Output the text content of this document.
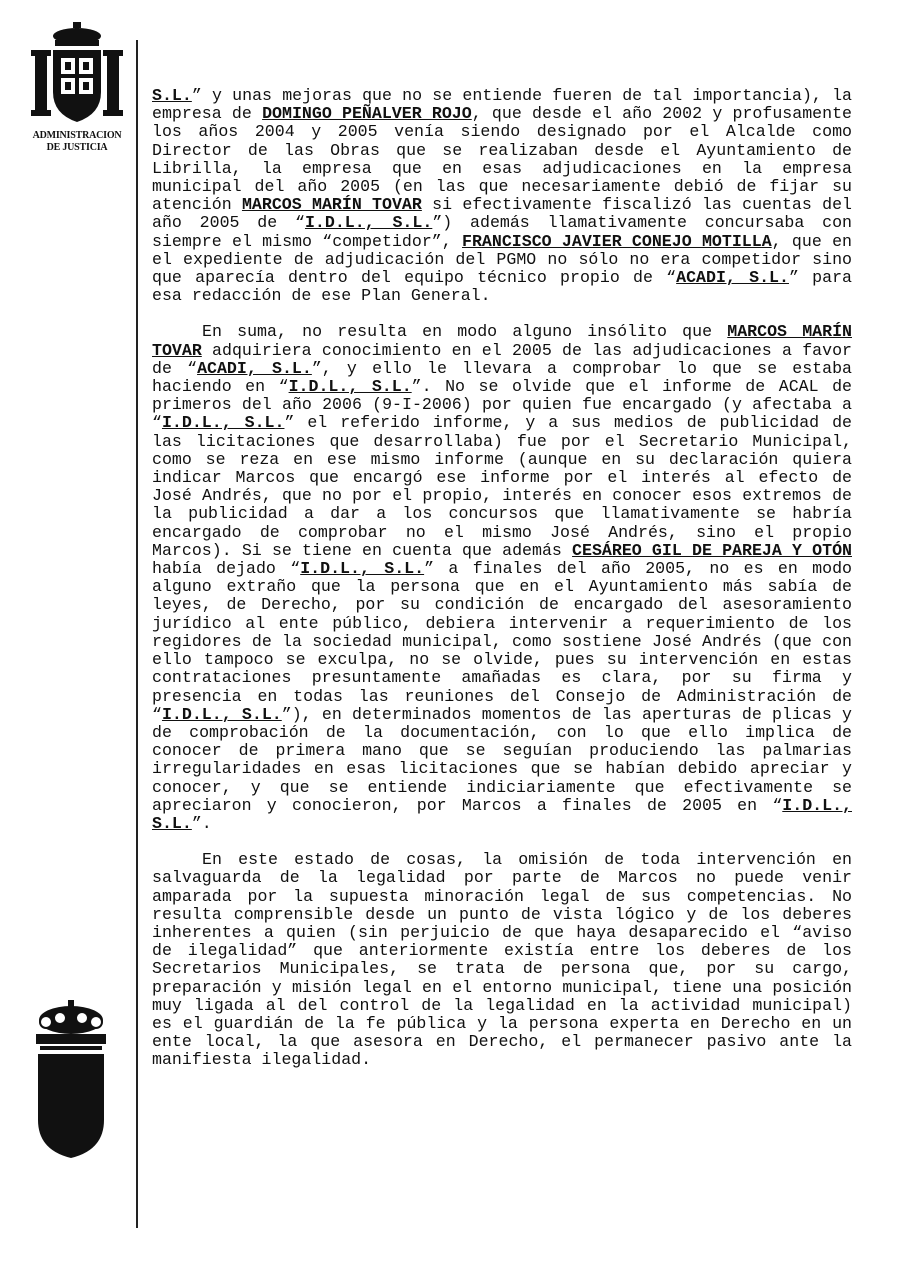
ADMINISTRACION
DE JUSTICIA

S.L.” y unas mejoras que no se entiende fueren de tal importancia), la empresa de DOMINGO PEÑALVER ROJO, que desde el año 2002 y profusamente los años 2004 y 2005 venía siendo designado por el Alcalde como Director de las Obras que se realizaban desde el Ayuntamiento de Librilla, la empresa que en esas adjudicaciones en la empresa municipal del año 2005 (en las que necesariamente debió de fijar su atención MARCOS MARÍN TOVAR si efectivamente fiscalizó las cuentas del año 2005 de “I.D.L., S.L.”) además llamativamente concursaba con siempre el mismo “competidor”, FRANCISCO JAVIER CONEJO MOTILLA, que en el expediente de adjudicación del PGMO no sólo no era competidor sino que aparecía dentro del equipo técnico propio de “ACADI, S.L.” para esa redacción de ese Plan General.

En suma, no resulta en modo alguno insólito que MARCOS MARÍN TOVAR adquiriera conocimiento en el 2005 de las adjudicaciones a favor de “ACADI, S.L.”, y ello le llevara a comprobar lo que se estaba haciendo en “I.D.L., S.L.”. No se olvide que el informe de ACAL de primeros del año 2006 (9-I-2006) por quien fue encargado (y afectaba a “I.D.L., S.L.” el referido informe, y a sus medios de publicidad de las licitaciones que desarrollaba) fue por el Secretario Municipal, como se reza en ese mismo informe (aunque en su declaración quiera indicar Marcos que encargó ese informe por el interés al efecto de José Andrés, que no por el propio, interés en conocer esos extremos de la publicidad a dar a los concursos que llamativamente se habría encargado de comprobar no el mismo José Andrés, sino el propio Marcos). Si se tiene en cuenta que además CESÁREO GIL DE PAREJA Y OTÓN había dejado “I.D.L., S.L.” a finales del año 2005, no es en modo alguno extraño que la persona que en el Ayuntamiento más sabía de leyes, de Derecho, por su condición de encargado del asesoramiento jurídico al ente público, debiera intervenir a requerimiento de los regidores de la sociedad municipal, como sostiene José Andrés (que con ello tampoco se exculpa, no se olvide, pues su intervención en estas contrataciones presuntamente amañadas es clara, por su firma y presencia en todas las reuniones del Consejo de Administración de “I.D.L., S.L.”), en determinados momentos de las aperturas de plicas y de comprobación de la documentación, con lo que ello implica de conocer de primera mano que se seguían produciendo las palmarias irregularidades en esas licitaciones que se habían debido apreciar y conocer, y que se entiende indiciariamente que efectivamente se apreciaron y conocieron, por Marcos a finales de 2005 en “I.D.L., S.L.”.

En este estado de cosas, la omisión de toda intervención en salvaguarda de la legalidad por parte de Marcos no puede venir amparada por la supuesta minoración legal de sus competencias. No resulta comprensible desde un punto de vista lógico y de los deberes inherentes a quien (sin perjuicio de que haya desaparecido el “aviso de ilegalidad” que anteriormente existía entre los deberes de los Secretarios Municipales, se trata de persona que, por su cargo, preparación y misión legal en el entorno municipal, tiene una posición muy ligada al del control de la legalidad en la actividad municipal) es el guardián de la fe pública y la persona experta en Derecho en un ente local, la que asesora en Derecho, el permanecer pasivo ante la manifiesta ilegalidad.
